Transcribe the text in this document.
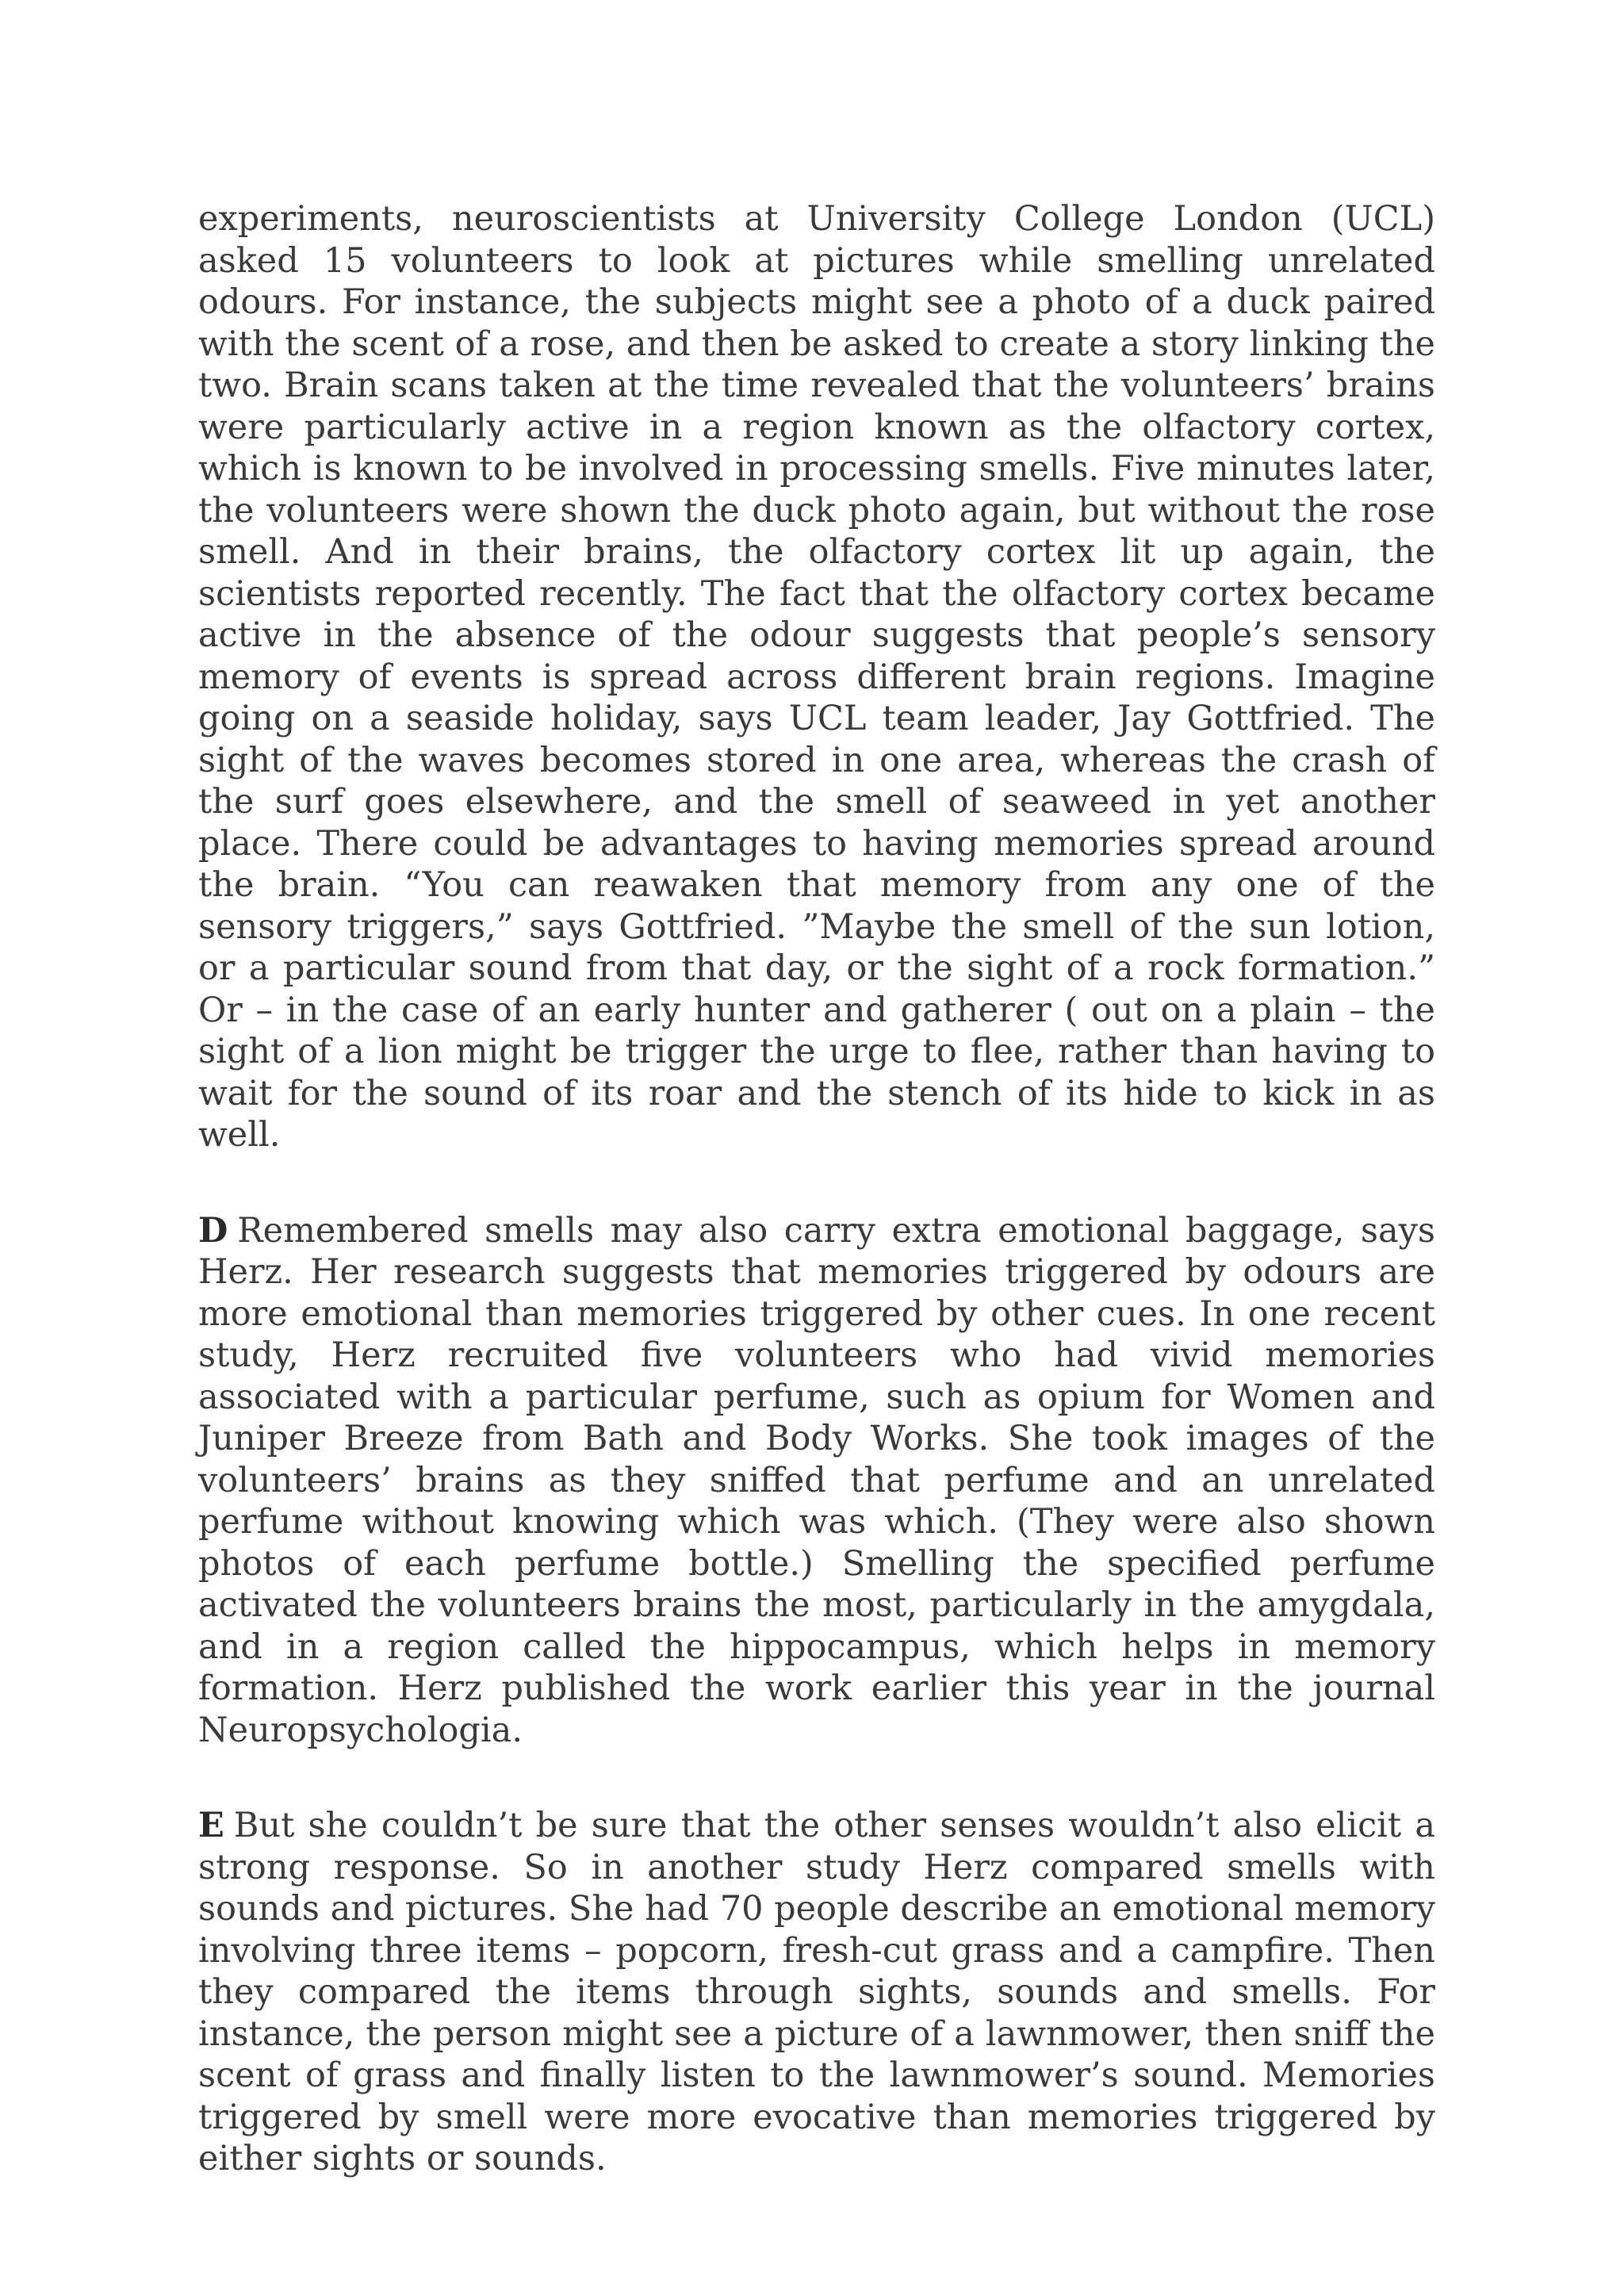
experiments, neuroscientists at University College London (UCL) asked 15 volunteers to look at pictures while smelling unrelated odours. For instance, the subjects might see a photo of a duck paired with the scent of a rose, and then be asked to create a story linking the two. Brain scans taken at the time revealed that the volunteers’ brains were particularly active in a region known as the olfactory cortex, which is known to be involved in processing smells. Five minutes later, the volunteers were shown the duck photo again, but without the rose smell. And in their brains, the olfactory cortex lit up again, the scientists reported recently. The fact that the olfactory cortex became active in the absence of the odour suggests that people’s sensory memory of events is spread across different brain regions. Imagine going on a seaside holiday, says UCL team leader, Jay Gottfried. The sight of the waves becomes stored in one area, whereas the crash of the surf goes elsewhere, and the smell of seaweed in yet another place. There could be advantages to having memories spread around the brain. “You can reawaken that memory from any one of the sensory triggers,” says Gottfried. ”Maybe the smell of the sun lotion, or a particular sound from that day, or the sight of a rock formation.” Or – in the case of an early hunter and gatherer ( out on a plain – the sight of a lion might be trigger the urge to flee, rather than having to wait for the sound of its roar and the stench of its hide to kick in as well.

D Remembered smells may also carry extra emotional baggage, says Herz. Her research suggests that memories triggered by odours are more emotional than memories triggered by other cues. In one recent study, Herz recruited five volunteers who had vivid memories associated with a particular perfume, such as opium for Women and Juniper Breeze from Bath and Body Works. She took images of the volunteers’ brains as they sniffed that perfume and an unrelated perfume without knowing which was which. (They were also shown photos of each perfume bottle.) Smelling the specified perfume activated the volunteers brains the most, particularly in the amygdala, and in a region called the hippocampus, which helps in memory formation. Herz published the work earlier this year in the journal Neuropsychologia.

E But she couldn’t be sure that the other senses wouldn’t also elicit a strong response. So in another study Herz compared smells with sounds and pictures. She had 70 people describe an emotional memory involving three items – popcorn, fresh-cut grass and a campfire. Then they compared the items through sights, sounds and smells. For instance, the person might see a picture of a lawnmower, then sniff the scent of grass and finally listen to the lawnmower’s sound. Memories triggered by smell were more evocative than memories triggered by either sights or sounds.
